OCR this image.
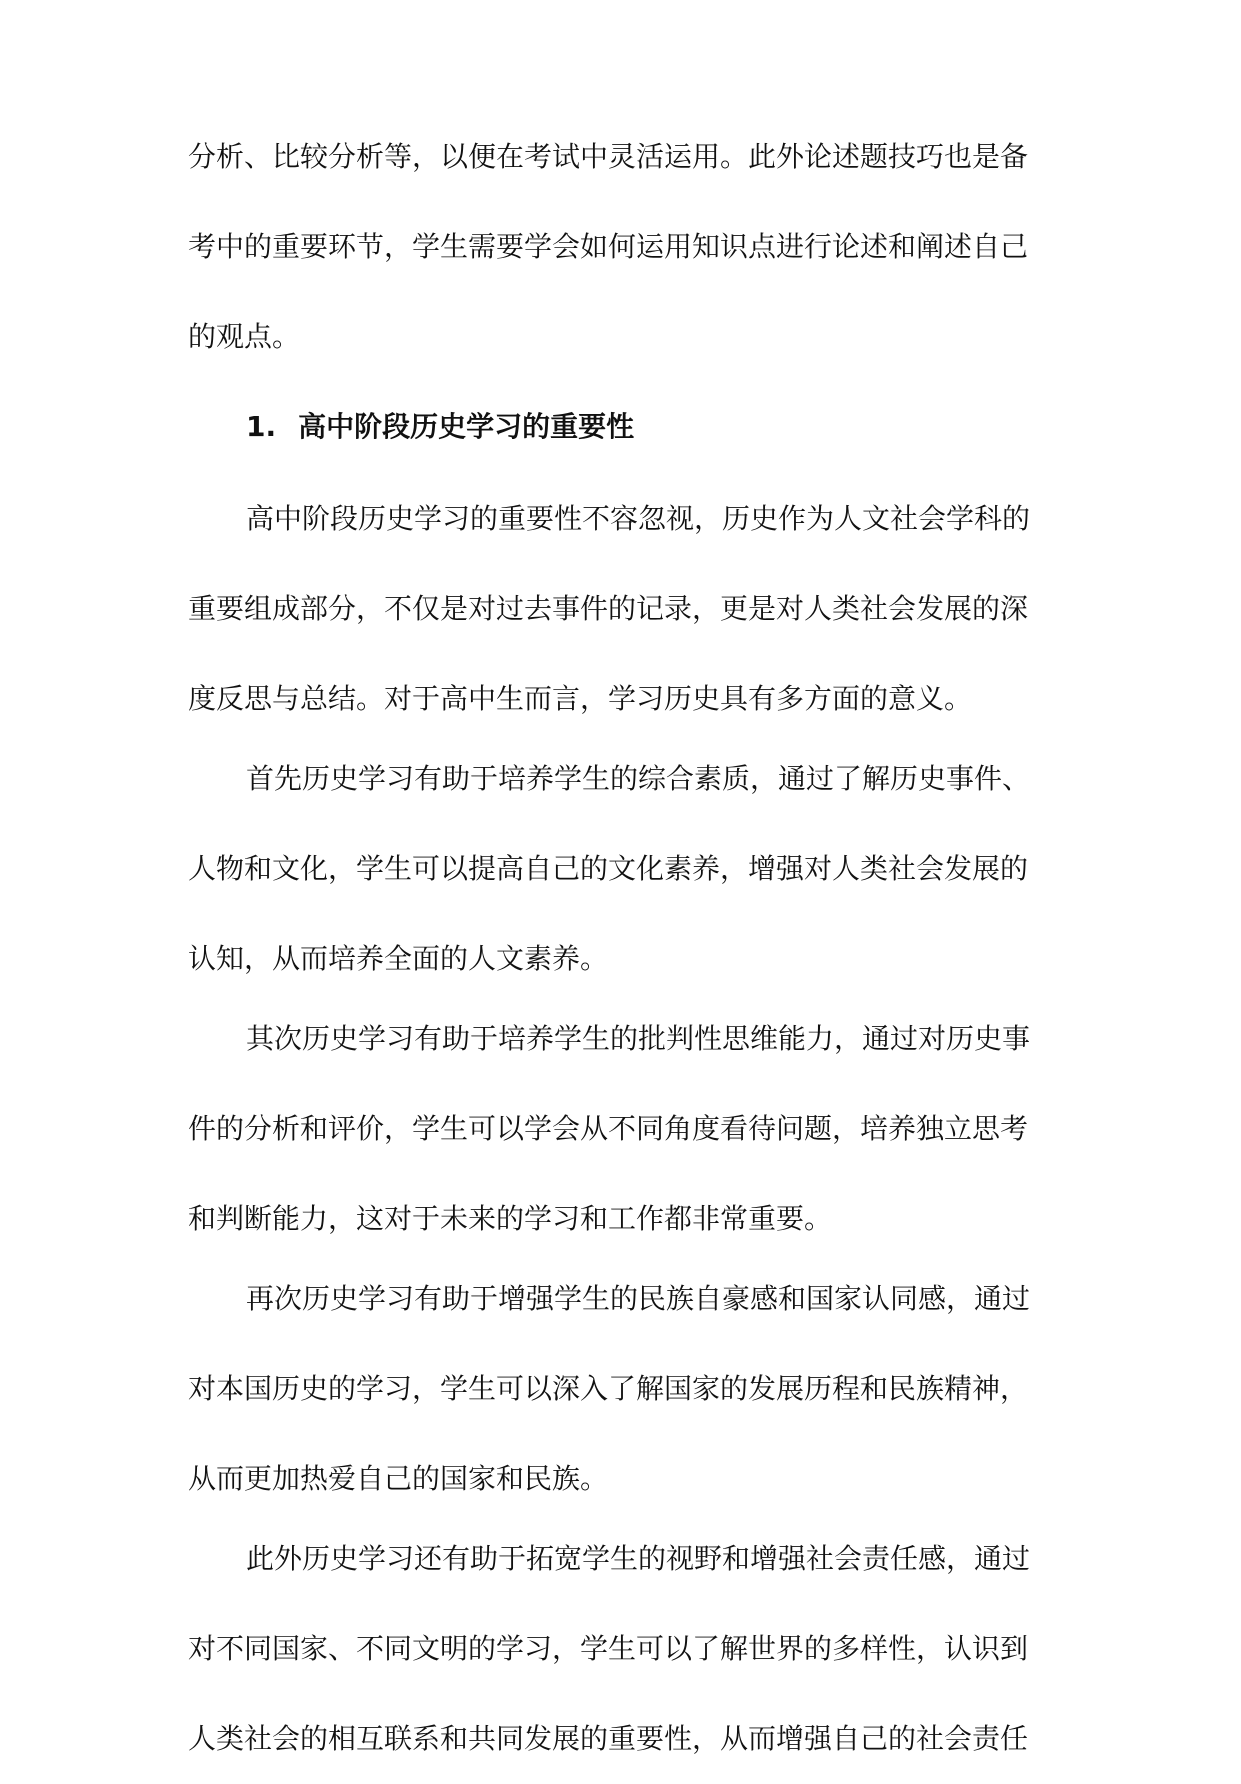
分析、比较分析等，以便在考试中灵活运用。此外论述题技巧也是备
考中的重要环节，学生需要学会如何运用知识点进行论述和阐述自己
的观点。
1. 高中阶段历史学习的重要性
高中阶段历史学习的重要性不容忽视，历史作为人文社会学科的
重要组成部分，不仅是对过去事件的记录，更是对人类社会发展的深
度反思与总结。对于高中生而言，学习历史具有多方面的意义。
首先历史学习有助于培养学生的综合素质，通过了解历史事件、
人物和文化，学生可以提高自己的文化素养，增强对人类社会发展的
认知，从而培养全面的人文素养。
其次历史学习有助于培养学生的批判性思维能力，通过对历史事
件的分析和评价，学生可以学会从不同角度看待问题，培养独立思考
和判断能力，这对于未来的学习和工作都非常重要。
再次历史学习有助于增强学生的民族自豪感和国家认同感，通过
对本国历史的学习，学生可以深入了解国家的发展历程和民族精神，
从而更加热爱自己的国家和民族。
此外历史学习还有助于拓宽学生的视野和增强社会责任感，通过
对不同国家、不同文明的学习，学生可以了解世界的多样性，认识到
人类社会的相互联系和共同发展的重要性，从而增强自己的社会责任
